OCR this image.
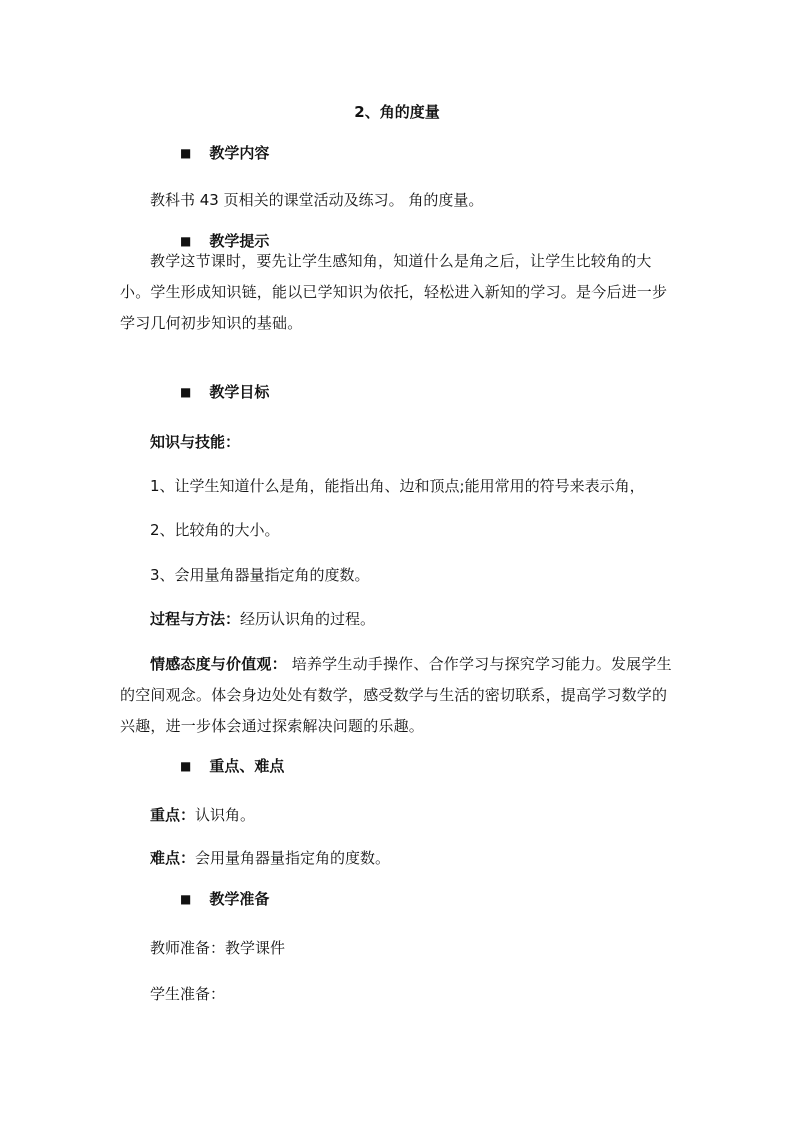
2、角的度量
■ 教学内容
教科书 43 页相关的课堂活动及练习。 角的度量。
■ 教学提示
教学这节课时，要先让学生感知角，知道什么是角之后，让学生比较角的大小。学生形成知识链，能以已学知识为依托，轻松进入新知的学习。是今后进一步学习几何初步知识的基础。
■ 教学目标
知识与技能：
1、让学生知道什么是角，能指出角、边和顶点;能用常用的符号来表示角，
2、比较角的大小。
3、会用量角器量指定角的度数。
过程与方法：经历认识角的过程。
情感态度与价值观： 培养学生动手操作、合作学习与探究学习能力。发展学生的空间观念。体会身边处处有数学，感受数学与生活的密切联系，提高学习数学的兴趣，进一步体会通过探索解决问题的乐趣。
■ 重点、难点
重点：认识角。
难点：会用量角器量指定角的度数。
■ 教学准备
教师准备：教学课件
学生准备：
